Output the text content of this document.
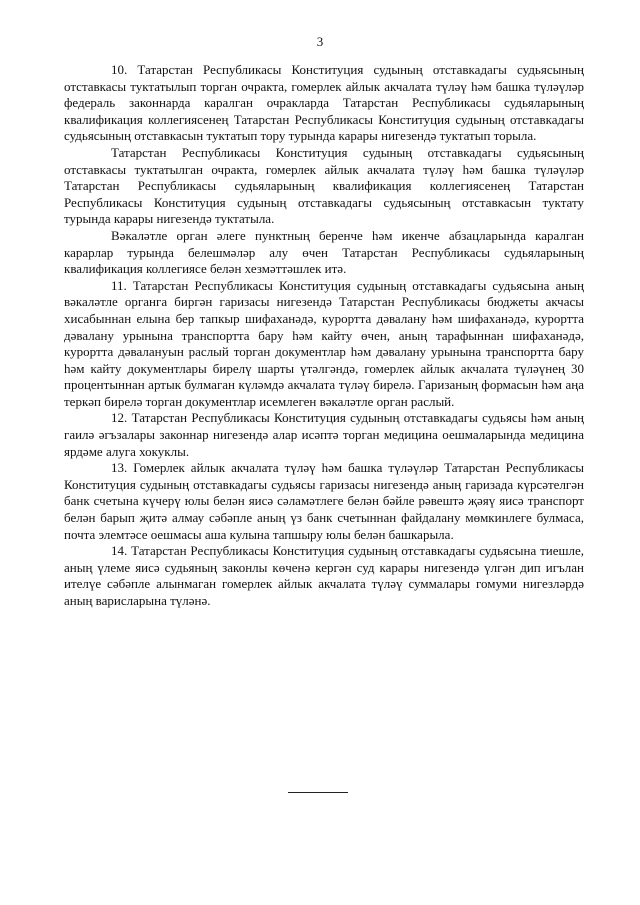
3

10. Татарстан Республикасы Конституция судының отставкадагы судьясының отставкасы туктатылып торган очракта, гомерлек айлык акчалата түләү һәм башка түләүләр федераль законнарда каралган очракларда Татарстан Республикасы судьяларының квалификация коллегиясенең Татарстан Республикасы Конституция судының отставкадагы судьясының отставкасын туктатып тору турында карары нигезендә туктатып торыла.

Татарстан Республикасы Конституция судының отставкадагы судьясының отставкасы туктатылган очракта, гомерлек айлык акчалата түләү һәм башка түләүләр Татарстан Республикасы судьяларының квалификация коллегиясенең Татарстан Республикасы Конституция судының отставкадагы судьясының отставкасын туктату турында карары нигезендә туктатыла.

Вәкаләтле орган әлеге пунктның беренче һәм икенче абзацларында каралган карарлар турында белешмәләр алу өчен Татарстан Республикасы судьяларының квалификация коллегиясе белән хезмәттәшлек итә.

11. Татарстан Республикасы Конституция судының отставкадагы судьясына аның вәкаләтле органга биргән гаризасы нигезендә Татарстан Республикасы бюджеты акчасы хисабыннан елына бер тапкыр шифаханәдә, курортта дәвалану һәм шифаханәдә, курортта дәвалану урынына транспортта бару һәм кайту өчен, аның тарафыннан шифаханәдә, курортта дәвалануын раслый торган документлар һәм дәвалану урынына транспортта бару һәм кайту документлары бирелү шарты үтәлгәндә, гомерлек айлык акчалата түләүнең 30 процентыннан артык булмаган күләмдә акчалата түләү бирелә. Гаризаның формасын һәм аңа теркәп бирелә торган документлар исемлеген вәкаләтле орган раслый.

12. Татарстан Республикасы Конституция судының отставкадагы судьясы һәм аның гаилә әгъзалары законнар нигезендә алар исәптә торган медицина оешмаларында медицина ярдәме алуга хокуклы.

13. Гомерлек айлык акчалата түләү һәм башка түләүләр Татарстан Республикасы Конституция судының отставкадагы судьясы гаризасы нигезендә аның гаризада күрсәтелгән банк счетына күчерү юлы белән яисә сәламәтлеге белән бәйле рәвештә җәяү яисә транспорт белән барып җитә алмау сәбәпле аның үз банк счетыннан файдалану мөмкинлеге булмаса, почта элемтәсе оешмасы аша кулына тапшыру юлы белән башкарыла.

14. Татарстан Республикасы Конституция судының отставкадагы судьясына тиешле, аның үлеме яисә судьяның законлы көченә кергән суд карары нигезендә үлгән дип игълан ителүе сәбәпле алынмаган гомерлек айлык акчалата түләү суммалары гомуми нигезләрдә аның варисларына түләнә.
